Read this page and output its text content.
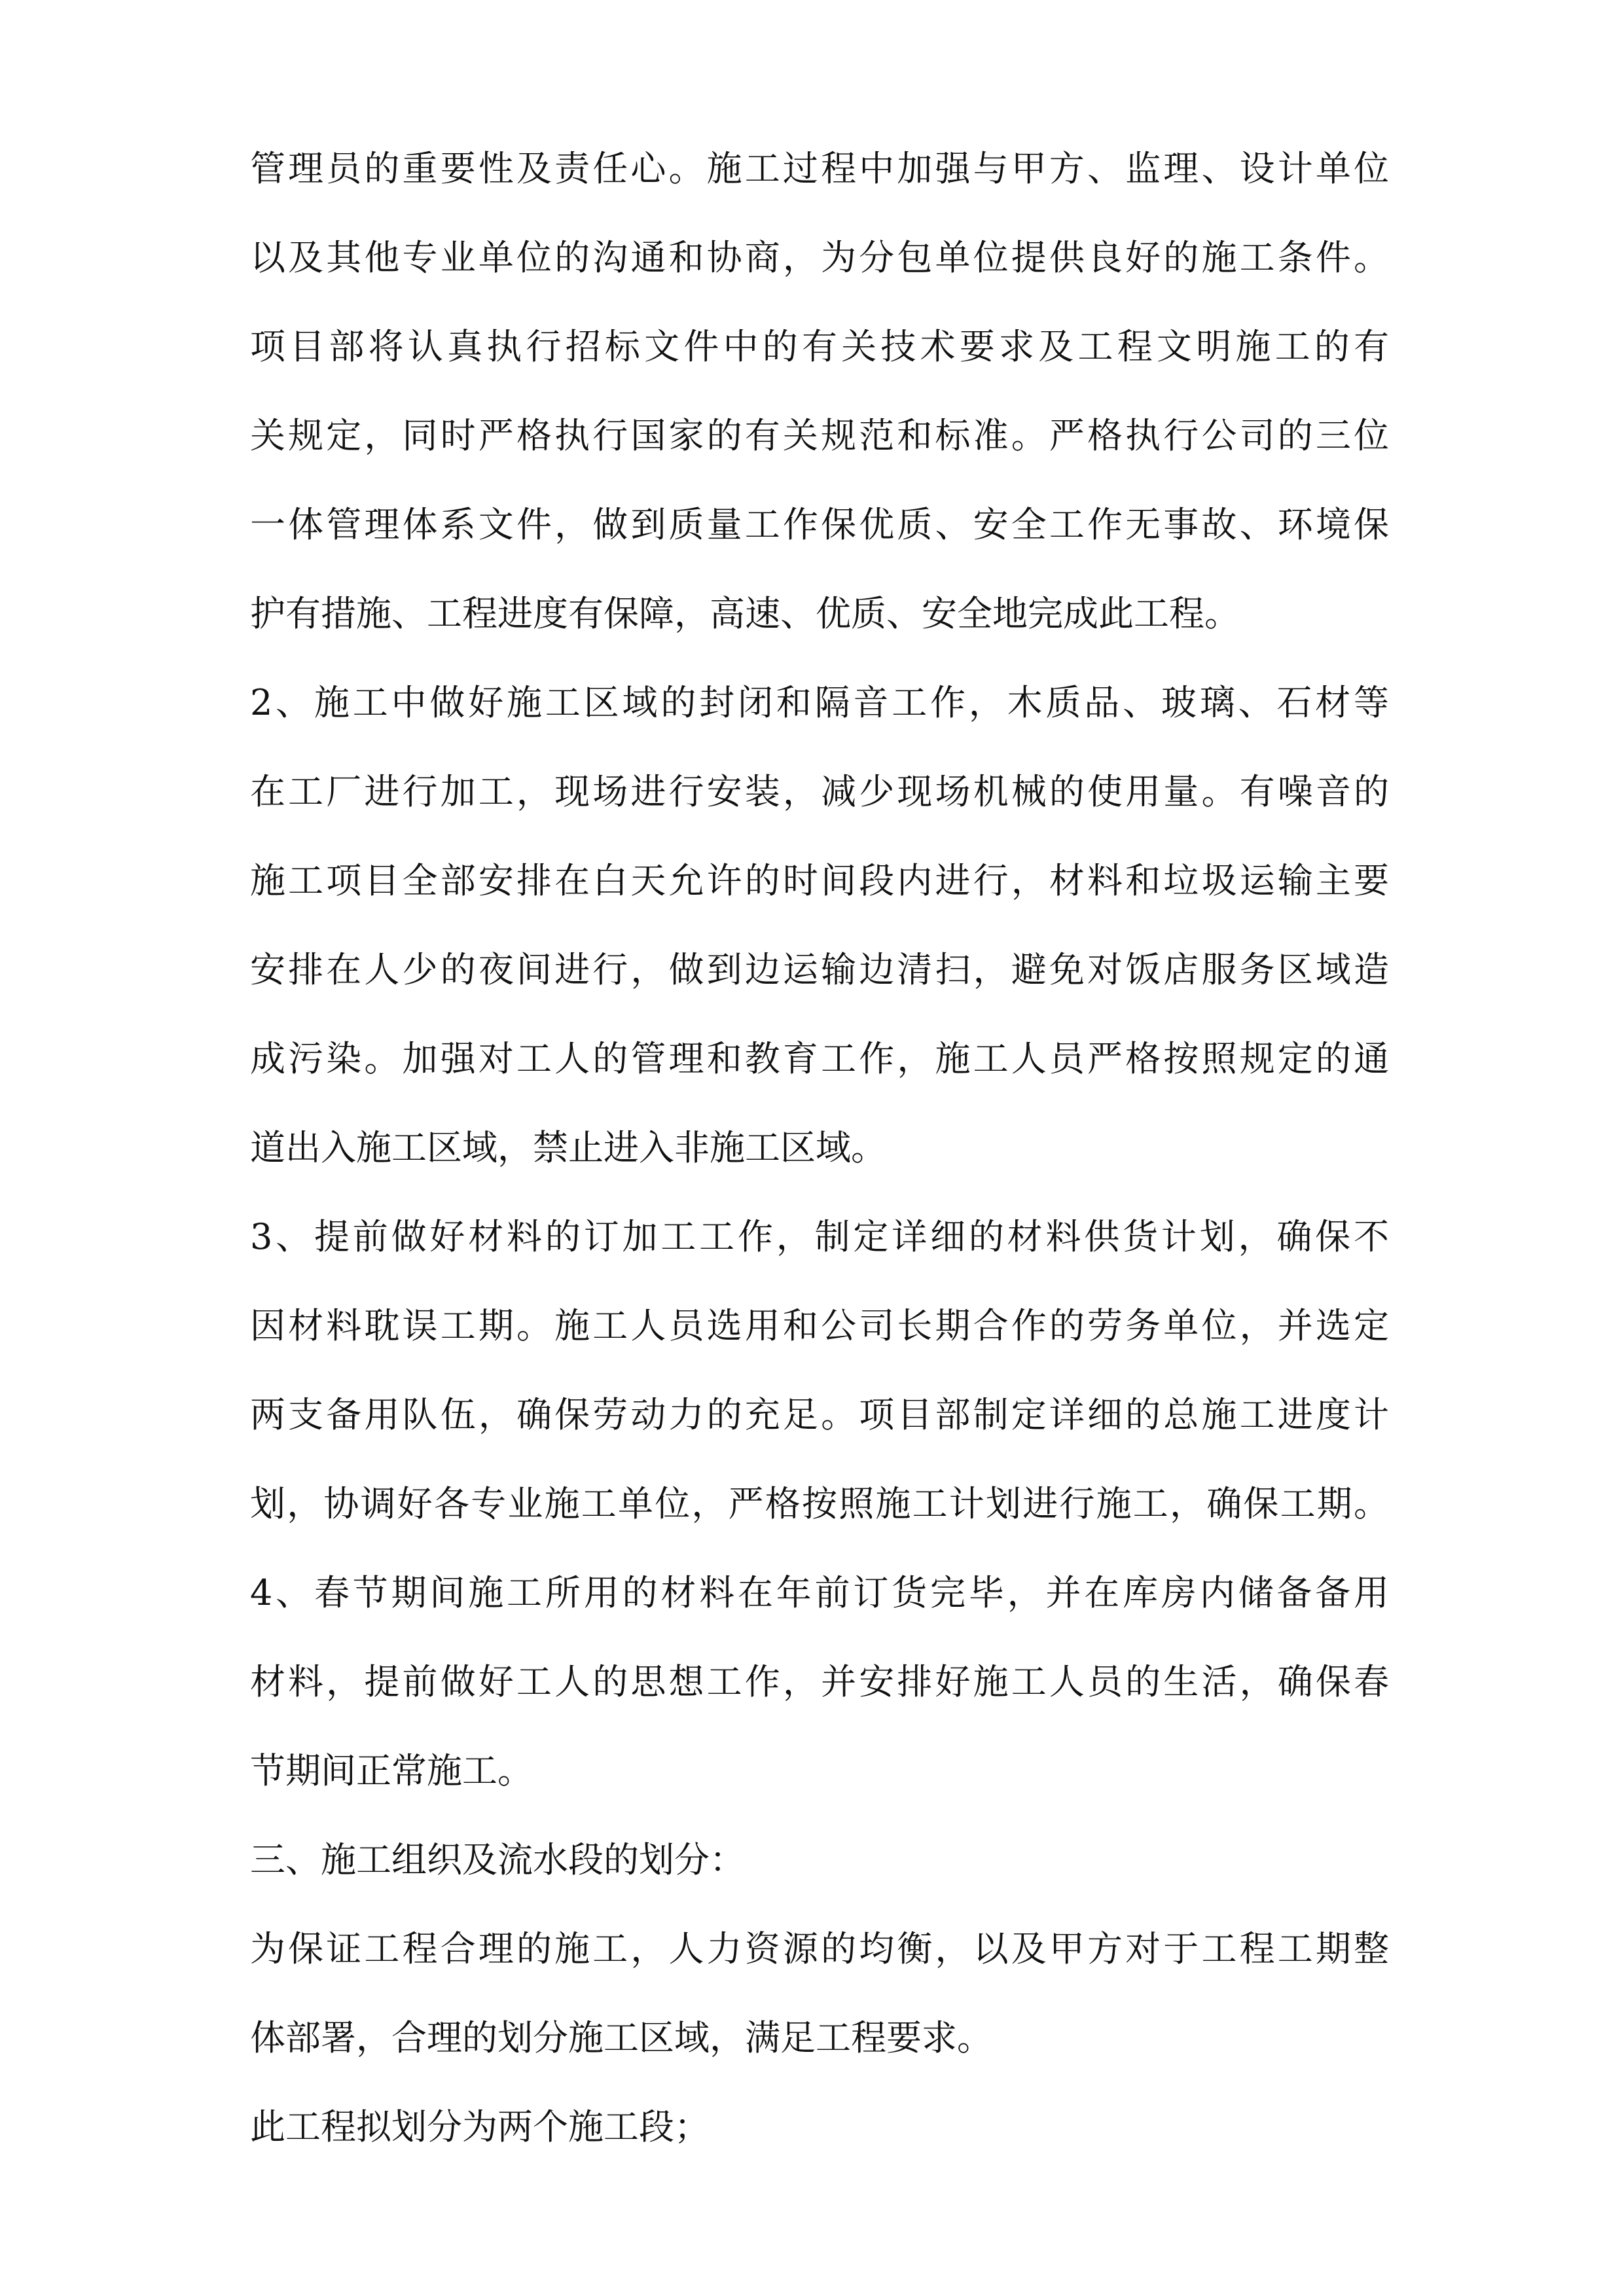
管理员的重要性及责任心。施工过程中加强与甲方、监理、设计单位
以及其他专业单位的沟通和协商，为分包单位提供良好的施工条件。
项目部将认真执行招标文件中的有关技术要求及工程文明施工的有
关规定，同时严格执行国家的有关规范和标准。严格执行公司的三位
一体管理体系文件，做到质量工作保优质、安全工作无事故、环境保
护有措施、工程进度有保障，高速、优质、安全地完成此工程。
2、施工中做好施工区域的封闭和隔音工作，木质品、玻璃、石材等
在工厂进行加工，现场进行安装，减少现场机械的使用量。有噪音的
施工项目全部安排在白天允许的时间段内进行，材料和垃圾运输主要
安排在人少的夜间进行，做到边运输边清扫，避免对饭店服务区域造
成污染。加强对工人的管理和教育工作，施工人员严格按照规定的通
道出入施工区域，禁止进入非施工区域。
3、提前做好材料的订加工工作，制定详细的材料供货计划，确保不
因材料耽误工期。施工人员选用和公司长期合作的劳务单位，并选定
两支备用队伍，确保劳动力的充足。项目部制定详细的总施工进度计
划，协调好各专业施工单位，严格按照施工计划进行施工，确保工期。
4、春节期间施工所用的材料在年前订货完毕，并在库房内储备备用
材料，提前做好工人的思想工作，并安排好施工人员的生活，确保春
节期间正常施工。
三、施工组织及流水段的划分：
为保证工程合理的施工，人力资源的均衡，以及甲方对于工程工期整
体部署，合理的划分施工区域，满足工程要求。
此工程拟划分为两个施工段；
